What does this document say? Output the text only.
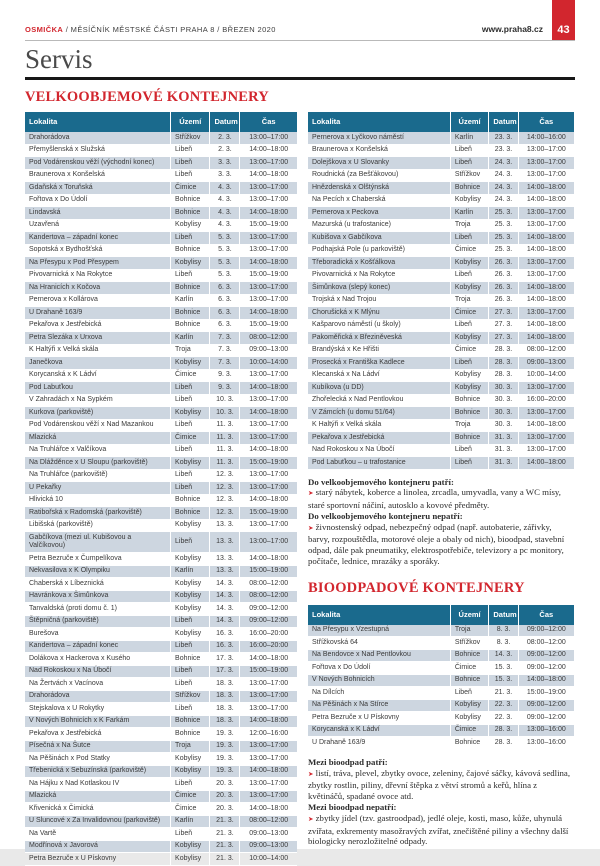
OSMIČKA / MĚSÍČNÍK MĚSTSKÉ ČÁSTI PRAHA 8 / BŘEZEN 2020	www.praha8.cz 43
Servis
VELKOOBJEMOVÉ KONTEJNERY
Lokalita	Území	Datum	Čas
Drahorádova	Střížkov	2. 3.	13:00–17:00
Přemyšlenská x Služská	Libeň	2. 3.	14:00–18:00
Pod Vodárenskou věží (východní konec)	Libeň	3. 3.	13:00–17:00
Braunerova x Konšelská	Libeň	3. 3.	14:00–18:00
Gdaňská x Toruňská	Čimice	4. 3.	13:00–17:00
Fořtova x Do Údolí	Bohnice	4. 3.	13:00–17:00
Lindavská	Bohnice	4. 3.	14:00–18:00
Uzavřená	Kobylisy	4. 3.	15:00–19:00
Kandertova – západní konec	Libeň	5. 3.	13:00–17:00
Sopotská x Bydhošťská	Bohnice	5. 3.	13:00–17:00
Na Přesypu x Pod Přesypem	Kobylisy	5. 3.	14:00–18:00
Pivovarnická x Na Rokytce	Libeň	5. 3.	15:00–19:00
Na Hranicích x Kočova	Bohnice	6. 3.	13:00–17:00
Pernerova x Kollárova	Karlín	6. 3.	13:00–17:00
U Drahaně 163/9	Bohnice	6. 3.	14:00–18:00
Pekařova x Jestřebická	Bohnice	6. 3.	15:00–19:00
Petra Slezáka x Urxova	Karlín	7. 3.	08:00–12:00
K Haltýři x Velká skála	Troja	7. 3.	09:00–13:00
Janečkova	Kobylisy	7. 3.	10:00–14:00
Korycanská x K Ládví	Čimice	9. 3.	13:00–17:00
Pod Labuťkou	Libeň	9. 3.	14:00–18:00
V Zahradách x Na Sypkém	Libeň	10. 3.	13:00–17:00
Kurkova (parkoviště)	Kobylisy	10. 3.	14:00–18:00
Pod Vodárenskou věží x Nad Mazankou	Libeň	11. 3.	13:00–17:00
Mlazická	Čimice	11. 3.	13:00–17:00
Na Truhlářce x Valčíkova	Libeň	11. 3.	14:00–18:00
Na Dlážděnce x U Sloupu (parkoviště)	Kobylisy	11. 3.	15:00–19:00
Na Truhlářce (parkoviště)	Libeň	12. 3.	13:00–17:00
U Pekařky	Libeň	12. 3.	13:00–17:00
Hlivická 10	Bohnice	12. 3.	14:00–18:00
Ratibořská x Radomská (parkoviště)	Bohnice	12. 3.	15:00–19:00
Libišská (parkoviště)	Kobylisy	13. 3.	13:00–17:00
Gabčíkova (mezi ul. Kubišovou a Valčíkovou)	Libeň	13. 3.	13:00–17:00
Petra Bezruče x Čumpelíkova	Kobylisy	13. 3.	14:00–18:00
Nekvasilova x K Olympiku	Karlín	13. 3.	15:00–19:00
Chaberská x Líbeznická	Kobylisy	14. 3.	08:00–12:00
Havránkova x Šimůnkova	Kobylisy	14. 3.	08:00–12:00
Tanvaldská (proti domu č. 1)	Kobylisy	14. 3.	09:00–12:00
Štěpničná (parkoviště)	Libeň	14. 3.	09:00–12:00
Burešova	Kobylisy	16. 3.	16:00–20:00
Kandertova – západní konec	Libeň	16. 3.	16:00–20:00
Dolákova x Hackerova x Kusého	Bohnice	17. 3.	14:00–18:00
Nad Rokoskou x Na Úbočí	Libeň	17. 3.	15:00–19:00
Na Žertvách x Vacínova	Libeň	18. 3.	13:00–17:00
Drahorádova	Střížkov	18. 3.	13:00–17:00
Stejskalova x U Rokytky	Libeň	18. 3.	13:00–17:00
V Nových Bohnicích x K Farkám	Bohnice	18. 3.	14:00–18:00
Pekařova x Jestřebická	Bohnice	19. 3.	12:00–16:00
Písečná x Na Šutce	Troja	19. 3.	13:00–17:00
Na Pěšinách x Pod Statky	Kobylisy	19. 3.	13:00–17:00
Třebenická x Sebuzínská (parkoviště)	Kobylisy	19. 3.	14:00–18:00
Na Hájku x Nad Kotlaskou IV	Libeň	20. 3.	13:00–17:00
Mlazická	Čimice	20. 3.	13:00–17:00
Křivenická x Čimická	Čimice	20. 3.	14:00–18:00
U Sluncové x Za Invalidovnou (parkoviště)	Karlín	21. 3.	08:00–12:00
Na Vartě	Libeň	21. 3.	09:00–13:00
Modřínová x Javorová	Kobylisy	21. 3.	09:00–13:00
Petra Bezruče x U Pískovny	Kobylisy	21. 3.	10:00–14:00
Lokalita	Území	Datum	Čas
Pernerova x Lyčkovo náměstí	Karlín	23. 3.	14:00–16:00
Braunerova x Konšelská	Libeň	23. 3.	13:00–17:00
Dolejškova x U Slovanky	Libeň	24. 3.	13:00–17:00
Roudnická (za Bešťákovou)	Střížkov	24. 3.	13:00–17:00
Hnězdenská x Olštýnská	Bohnice	24. 3.	14:00–18:00
Na Pecích x Chaberská	Kobylisy	24. 3.	14:00–18:00
Pernerova x Peckova	Karlín	25. 3.	13:00–17:00
Mazurská (u trafostanice)	Troja	25. 3.	13:00–17:00
Kubišova x Gabčíkova	Libeň	25. 3.	14:00–18:00
Podhajská Pole (u parkoviště)	Čimice	25. 3.	14:00–18:00
Třeboradická x Košťálkova	Kobylisy	26. 3.	13:00–17:00
Pivovarnická x Na Rokytce	Libeň	26. 3.	13:00–17:00
Šimůnkova (slepý konec)	Kobylisy	26. 3.	14:00–18:00
Trojská x Nad Trojou	Troja	26. 3.	14:00–18:00
Chorušická x K Mlýnu	Čimice	27. 3.	13:00–17:00
Kašparovo náměstí (u školy)	Libeň	27. 3.	14:00–18:00
Pakoměřická x Březiněveská	Kobylisy	27. 3.	14:00–18:00
Brandýská x Ke Hřišti	Čimice	28. 3.	08:00–12:00
Prosecká x Františka Kadlece	Libeň	28. 3.	09:00–13:00
Klecanská x Na Ládví	Kobylisy	28. 3.	10:00–14:00
Kubíkova (u DD)	Kobylisy	30. 3.	13:00–17:00
Zhořelecká x Nad Pentlovkou	Bohnice	30. 3.	16:00–20:00
V Zámcích (u domu 51/64)	Bohnice	30. 3.	13:00–17:00
K Haltýři x Velká skála	Troja	30. 3.	14:00–18:00
Pekařova x Jestřebická	Bohnice	31. 3.	13:00–17:00
Nad Rokoskou x Na Úbočí	Libeň	31. 3.	13:00–17:00
Pod Labuťkou – u trafostanice	Libeň	31. 3.	14:00–18:00

Do velkoobjemového kontejneru patří:

➤ starý nábytek, koberce a linolea, zrcadla, umyvadla, vany a WC mísy, staré sportovní náčiní, autosklo a kovové předměty.

Do velkoobjemového kontejneru nepatří:

➤ živnostenský odpad, nebezpečný odpad (např. autobaterie, zářivky, barvy, rozpouštědla, motorové oleje a obaly od nich), bioodpad, stavební odpad, dále pak pneumatiky, elektrospotřebiče, televizory a pc monitory, počítače, lednice, mrazáky a sporáky.

BIOODPADOVÉ KONTEJNERY
Lokalita	Území	Datum	Čas
Na Přesypu x Vzestupná	Troja	8. 3.	09:00–12:00
Střížkovská 64	Střížkov	8. 3.	08:00–12:00
Na Bendovce x Nad Pentlovkou	Bohnice	14. 3.	09:00–12:00
Fořtova x Do Údolí	Čimice	15. 3.	09:00–12:00
V Nových Bohnicích	Bohnice	15. 3.	14:00–18:00
Na Dílcích	Libeň	21. 3.	15:00–19:00
Na Pěšinách x Na Stírce	Kobylisy	22. 3.	09:00–12:00
Petra Bezruče x U Pískovny	Kobylisy	22. 3.	09:00–12:00
Korycanská x K Ládví	Čimice	28. 3.	13:00–16:00
U Drahaně 163/9	Bohnice	28. 3.	13:00–16:00

Mezi bioodpad patří:

➤ listí, tráva, plevel, zbytky ovoce, zeleniny, čajové sáčky, kávová sedlina, zbytky rostlin, piliny, dřevní štěpka z větví stromů a keřů, hlína z květináčů, spadané ovoce atd.

Mezi bioodpad nepatří:

➤ zbytky jídel (tzv. gastroodpad), jedlé oleje, kosti, maso, kůže, uhynulá zvířata, exkrementy masožravých zvířat, znečištěné piliny a všechny další biologicky nerozložitelné odpady.
